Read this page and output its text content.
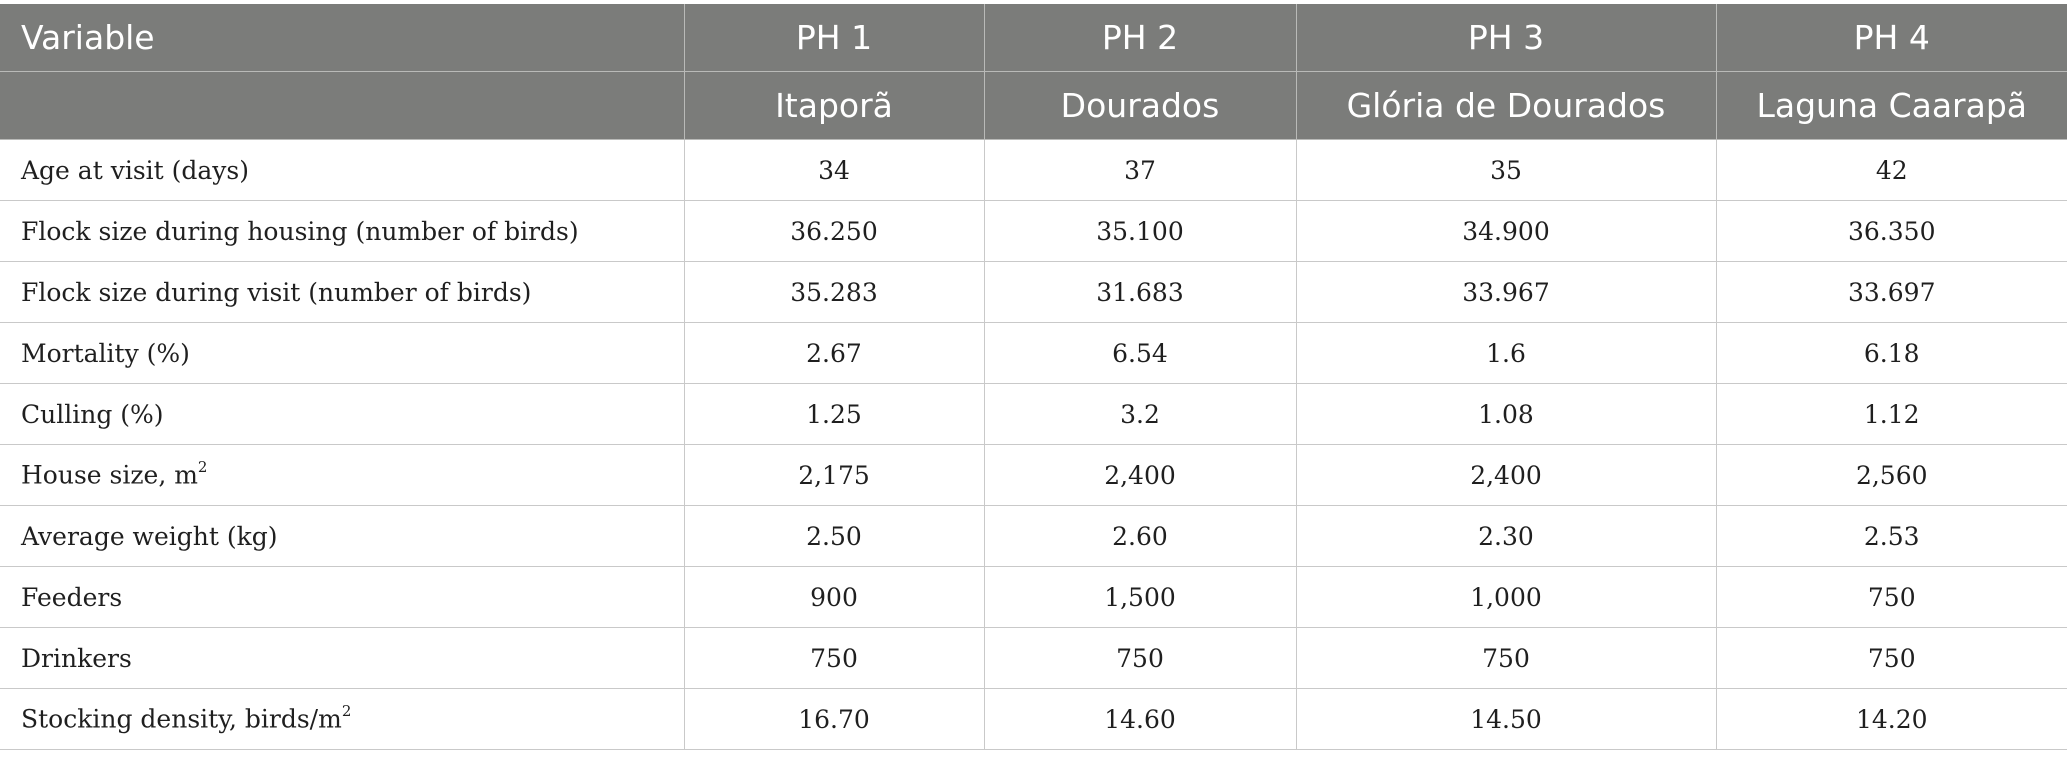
Variable	PH 1	PH 2	PH 3	PH 4
	Itaporã	Dourados	Glória de Dourados	Laguna Caarapã
Age at visit (days)	34	37	35	42
Flock size during housing (number of birds)	36.250	35.100	34.900	36.350
Flock size during visit (number of birds)	35.283	31.683	33.967	33.697
Mortality (%)	2.67	6.54	1.6	6.18
Culling (%)	1.25	3.2	1.08	1.12
House size, $m^2$	2,175	2,400	2,400	2,560
Average weight (kg)	2.50	2.60	2.30	2.53
Feeders	900	1,500	1,000	750
Drinkers	750	750	750	750
Stocking density, birds/$m^2$	16.70	14.60	14.50	14.20
